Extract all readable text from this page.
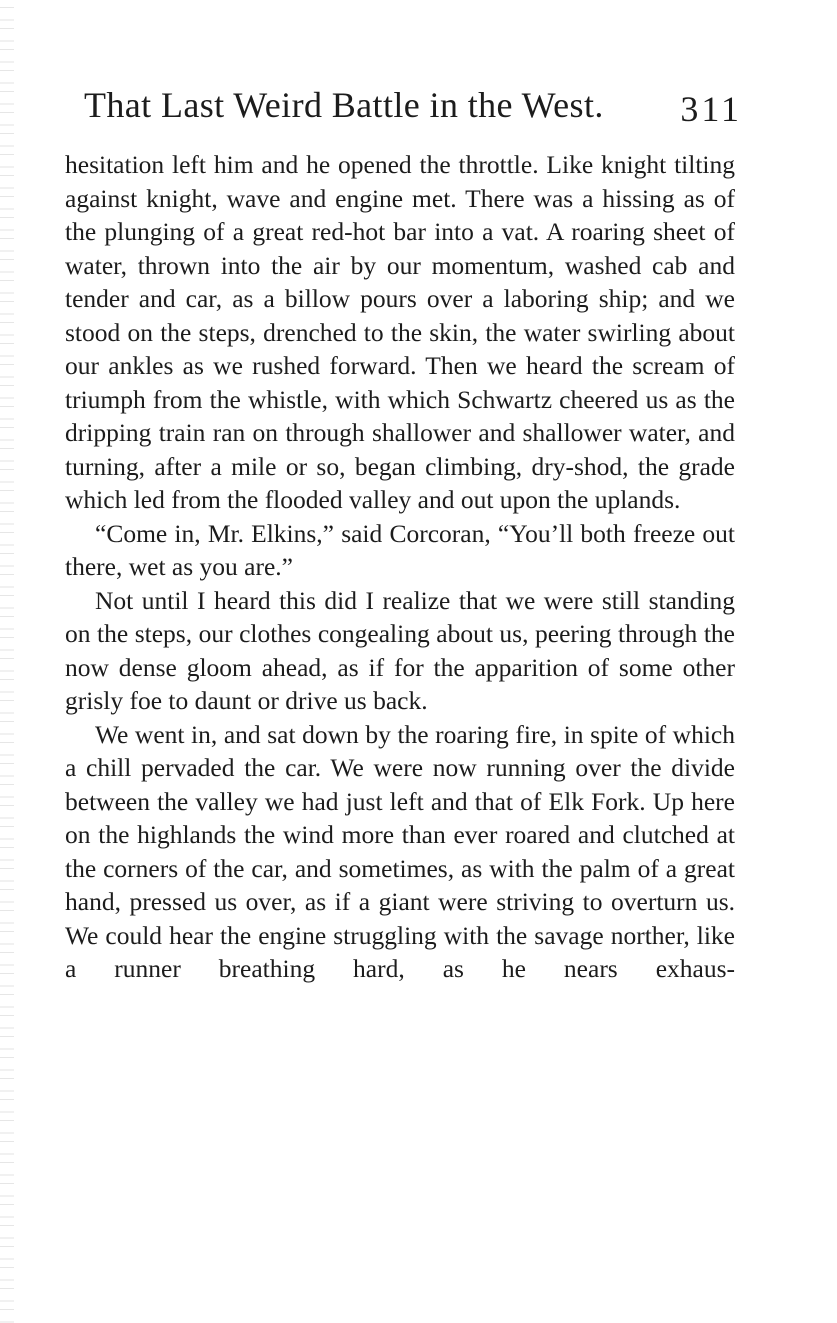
That Last Weird Battle in the West. 311

hesitation left him and he opened the throttle. Like knight tilting against knight, wave and engine met. There was a hissing as of the plunging of a great red-hot bar into a vat. A roaring sheet of water, thrown into the air by our momentum, washed cab and tender and car, as a billow pours over a laboring ship; and we stood on the steps, drenched to the skin, the water swirling about our ankles as we rushed forward. Then we heard the scream of triumph from the whistle, with which Schwartz cheered us as the dripping train ran on through shallower and shallower water, and turning, after a mile or so, began climbing, dry-shod, the grade which led from the flooded valley and out upon the uplands.

“Come in, Mr. Elkins,” said Corcoran, “You’ll both freeze out there, wet as you are.”

Not until I heard this did I realize that we were still standing on the steps, our clothes congealing about us, peering through the now dense gloom ahead, as if for the apparition of some other grisly foe to daunt or drive us back.

We went in, and sat down by the roaring fire, in spite of which a chill pervaded the car. We were now running over the divide between the valley we had just left and that of Elk Fork. Up here on the highlands the wind more than ever roared and clutched at the corners of the car, and sometimes, as with the palm of a great hand, pressed us over, as if a giant were striving to overturn us. We could hear the engine struggling with the savage norther, like a runner breathing hard, as he nears exhaus-
